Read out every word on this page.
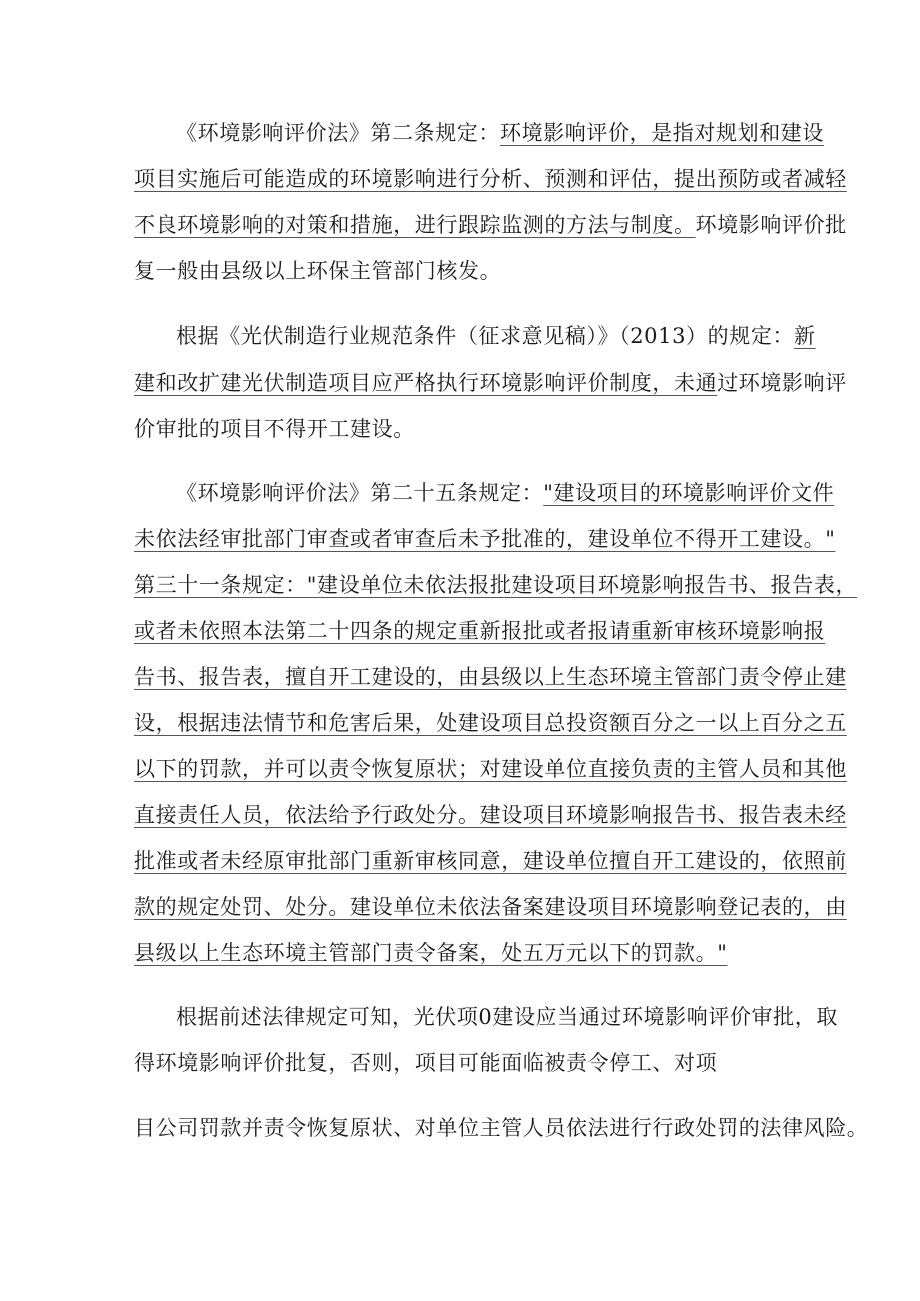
《环境影响评价法》第二条规定：环境影响评价，是指对规划和建设
项目实施后可能造成的环境影响进行分析、预测和评估，提出预防或者减轻
不良环境影响的对策和措施，进行跟踪监测的方法与制度。环境影响评价批
复一般由县级以上环保主管部门核发。
根据《光伏制造行业规范条件（征求意见稿）》（2013）的规定：新
建和改扩建光伏制造项目应严格执行环境影响评价制度，未通过环境影响评
价审批的项目不得开工建设。
《环境影响评价法》第二十五条规定："建设项目的环境影响评价文件
未依法经审批部门审查或者审查后未予批准的，建设单位不得开工建设。"
第三十一条规定："建设单位未依法报批建设项目环境影响报告书、报告表，
或者未依照本法第二十四条的规定重新报批或者报请重新审核环境影响报
告书、报告表，擅自开工建设的，由县级以上生态环境主管部门责令停止建
设，根据违法情节和危害后果，处建设项目总投资额百分之一以上百分之五
以下的罚款，并可以责令恢复原状；对建设单位直接负责的主管人员和其他
直接责任人员，依法给予行政处分。建设项目环境影响报告书、报告表未经
批准或者未经原审批部门重新审核同意，建设单位擅自开工建设的，依照前
款的规定处罚、处分。建设单位未依法备案建设项目环境影响登记表的，由
县级以上生态环境主管部门责令备案，处五万元以下的罚款。"
根据前述法律规定可知，光伏项0建设应当通过环境影响评价审批，取
得环境影响评价批复，否则，项目可能面临被责令停工、对项
目公司罚款并责令恢复原状、对单位主管人员依法进行行政处罚的法律风险。
